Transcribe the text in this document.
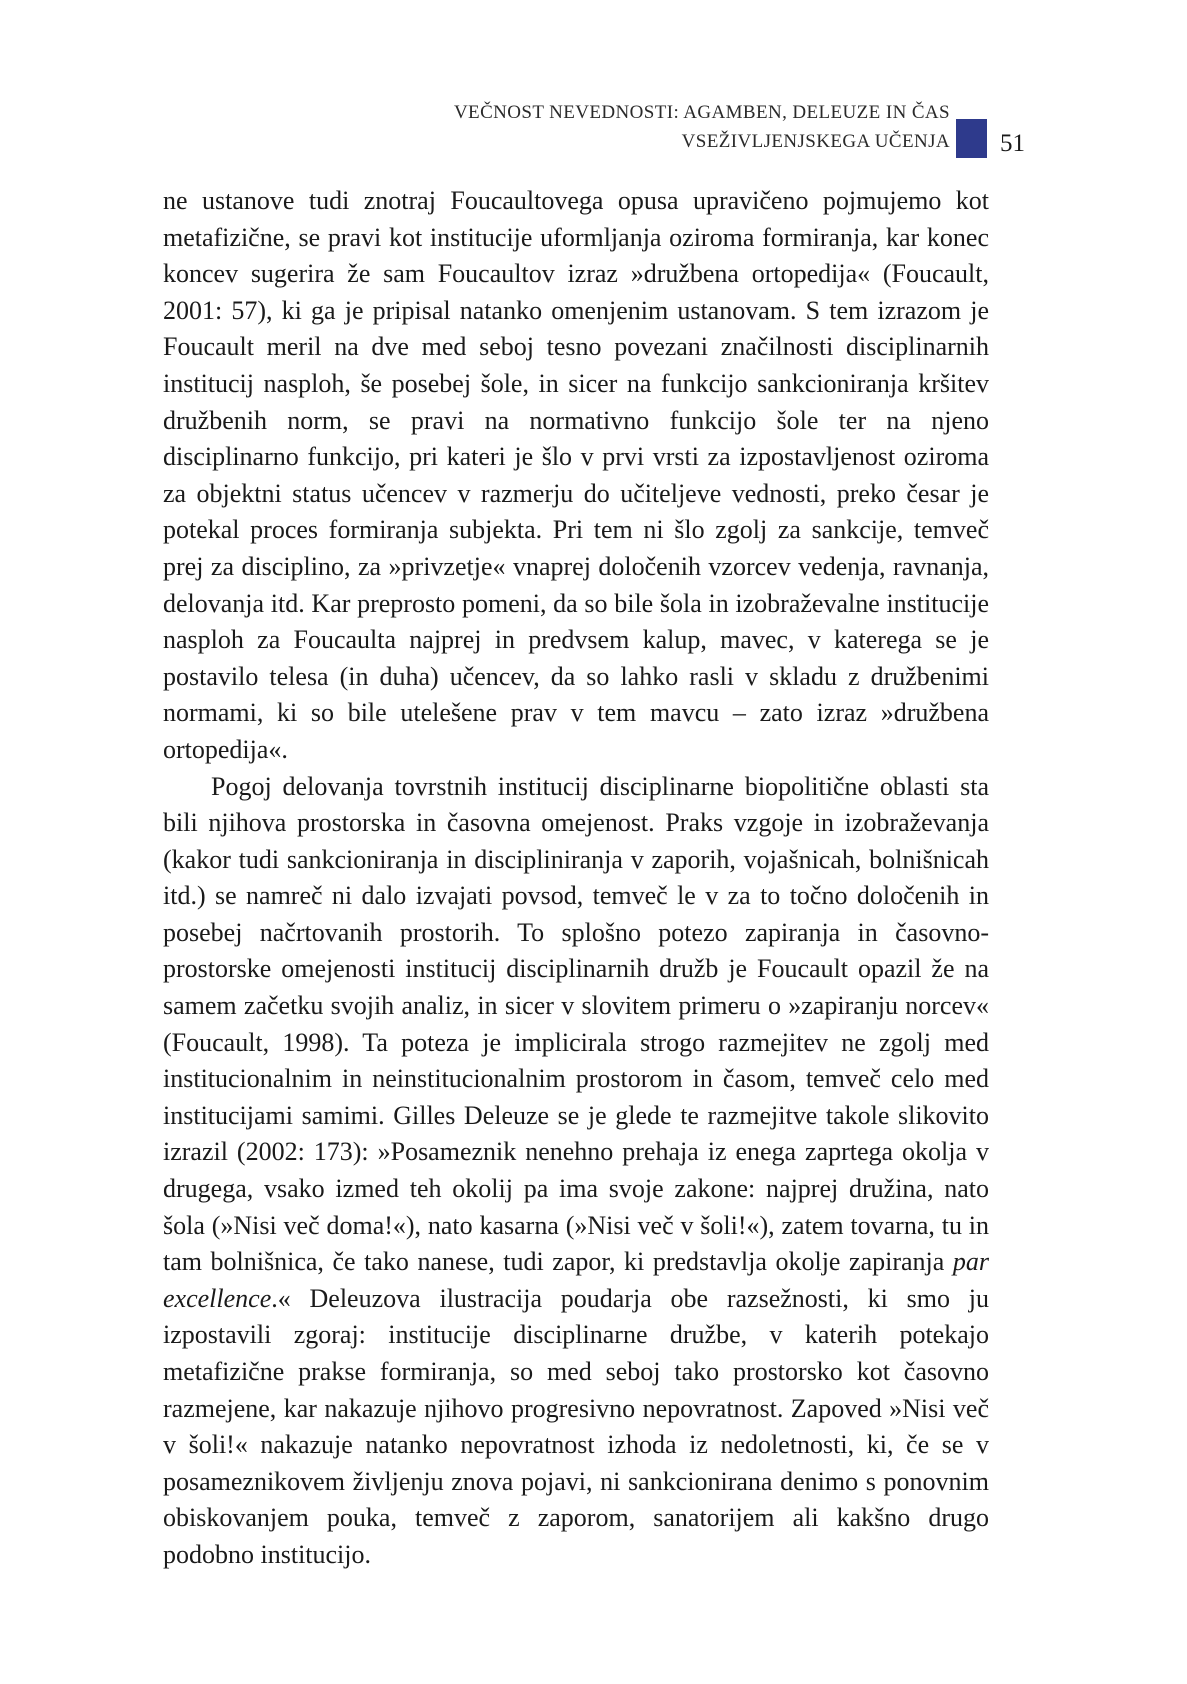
VEČNOST NEVEDNOSTI: AGAMBEN, DELEUZE IN ČAS
VSEŽIVLJENJSKEGA UČENJA 51

ne ustanove tudi znotraj Foucaultovega opusa upravičeno pojmujemo kot metafizične, se pravi kot institucije uformljanja oziroma formiranja, kar konec koncev sugerira že sam Foucaultov izraz »družbena ortopedija« (Foucault, 2001: 57), ki ga je pripisal natanko omenjenim ustanovam. S tem izrazom je Foucault meril na dve med seboj tesno povezani značilnosti disciplinarnih institucij nasploh, še posebej šole, in sicer na funkcijo sankcioniranja kršitev družbenih norm, se pravi na normativno funkcijo šole ter na njeno disciplinarno funkcijo, pri kateri je šlo v prvi vrsti za izpostavljenost oziroma za objektni status učencev v razmerju do učiteljeve vednosti, preko česar je potekal proces formiranja subjekta. Pri tem ni šlo zgolj za sankcije, temveč prej za disciplino, za »privzetje« vnaprej določenih vzorcev vedenja, ravnanja, delovanja itd. Kar preprosto pomeni, da so bile šola in izobraževalne institucije nasploh za Foucaulta najprej in predvsem kalup, mavec, v katerega se je postavilo telesa (in duha) učencev, da so lahko rasli v skladu z družbenimi normami, ki so bile utelešene prav v tem mavcu – zato izraz »družbena ortopedija«.

Pogoj delovanja tovrstnih institucij disciplinarne biopolitične oblasti sta bili njihova prostorska in časovna omejenost. Praks vzgoje in izobraževanja (kakor tudi sankcioniranja in discipliniranja v zaporih, vojašnicah, bolnišnicah itd.) se namreč ni dalo izvajati povsod, temveč le v za to točno določenih in posebej načrtovanih prostorih. To splošno potezo zapiranja in časovno-prostorske omejenosti institucij disciplinarnih družb je Foucault opazil že na samem začetku svojih analiz, in sicer v slovitem primeru o »zapiranju norcev« (Foucault, 1998). Ta poteza je implicirala strogo razmejitev ne zgolj med institucionalnim in neinstitucionalnim prostorom in časom, temveč celo med institucijami samimi. Gilles Deleuze se je glede te razmejitve takole slikovito izrazil (2002: 173): »Posameznik nenehno prehaja iz enega zaprtega okolja v drugega, vsako izmed teh okolij pa ima svoje zakone: najprej družina, nato šola (»Nisi več doma!«), nato kasarna (»Nisi več v šoli!«), zatem tovarna, tu in tam bolnišnica, če tako nanese, tudi zapor, ki predstavlja okolje zapiranja par excellence.« Deleuzova ilustracija poudarja obe razsežnosti, ki smo ju izpostavili zgoraj: institucije disciplinarne družbe, v katerih potekajo metafizične prakse formiranja, so med seboj tako prostorsko kot časovno razmejene, kar nakazuje njihovo progresivno nepovratnost. Zapoved »Nisi več v šoli!« nakazuje natanko nepovratnost izhoda iz nedoletnosti, ki, če se v posameznikovem življenju znova pojavi, ni sankcionirana denimo s ponovnim obiskovanjem pouka, temveč z zaporom, sanatorijem ali kakšno drugo podobno institucijo.
